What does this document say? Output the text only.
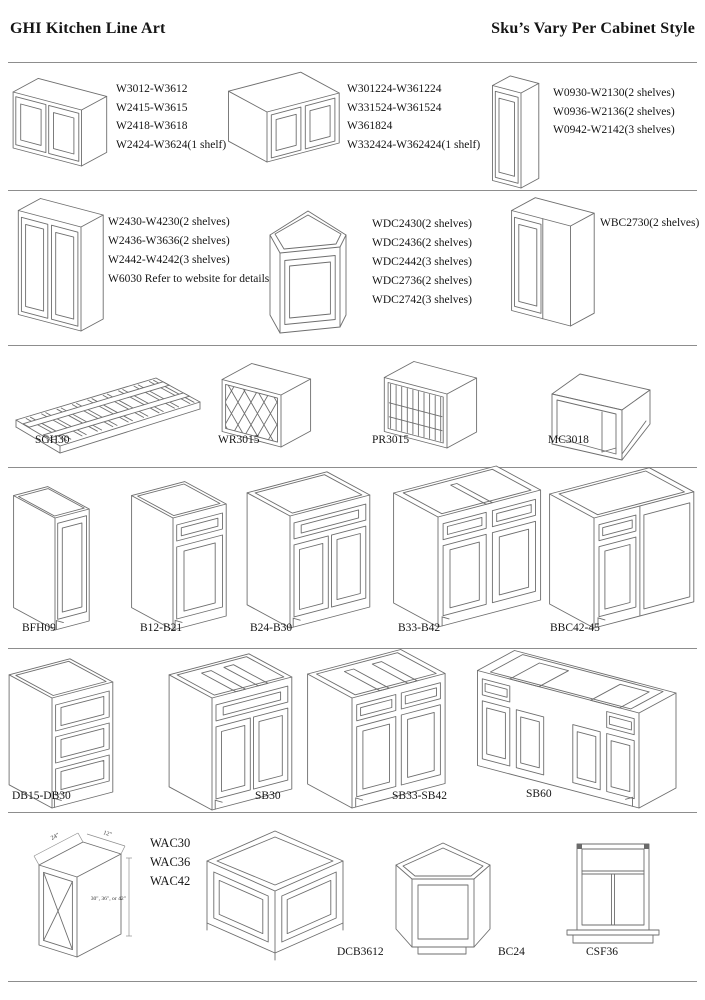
GHI Kitchen Line Art	Sku’s Vary Per Cabinet Style
W3012-W3612
W2415-W3615
W2418-W3618
W2424-W3624(1 shelf)
W301224-W361224
W331524-W361524
W361824
W332424-W362424(1 shelf)
W0930-W2130(2 shelves)
W0936-W2136(2 shelves)
W0942-W2142(3 shelves)
W2430-W4230(2 shelves)
W2436-W3636(2 shelves)
W2442-W4242(3 shelves)
W6030 Refer to website for details
WDC2430(2 shelves)
WDC2436(2 shelves)
WDC2442(3 shelves)
WDC2736(2 shelves)
WDC2742(3 shelves)
WBC2730(2 shelves)
SGH30	WR3015	PR3015	MC3018
BFH09	B12-B21	B24-B30	B33-B42	BBC42-45
DB15-DB30	SB30	SB33-SB42	SB60
24"	12"
30", 36", or 42"
WAC30
WAC36
WAC42
DCB3612	BC24	CSF36
